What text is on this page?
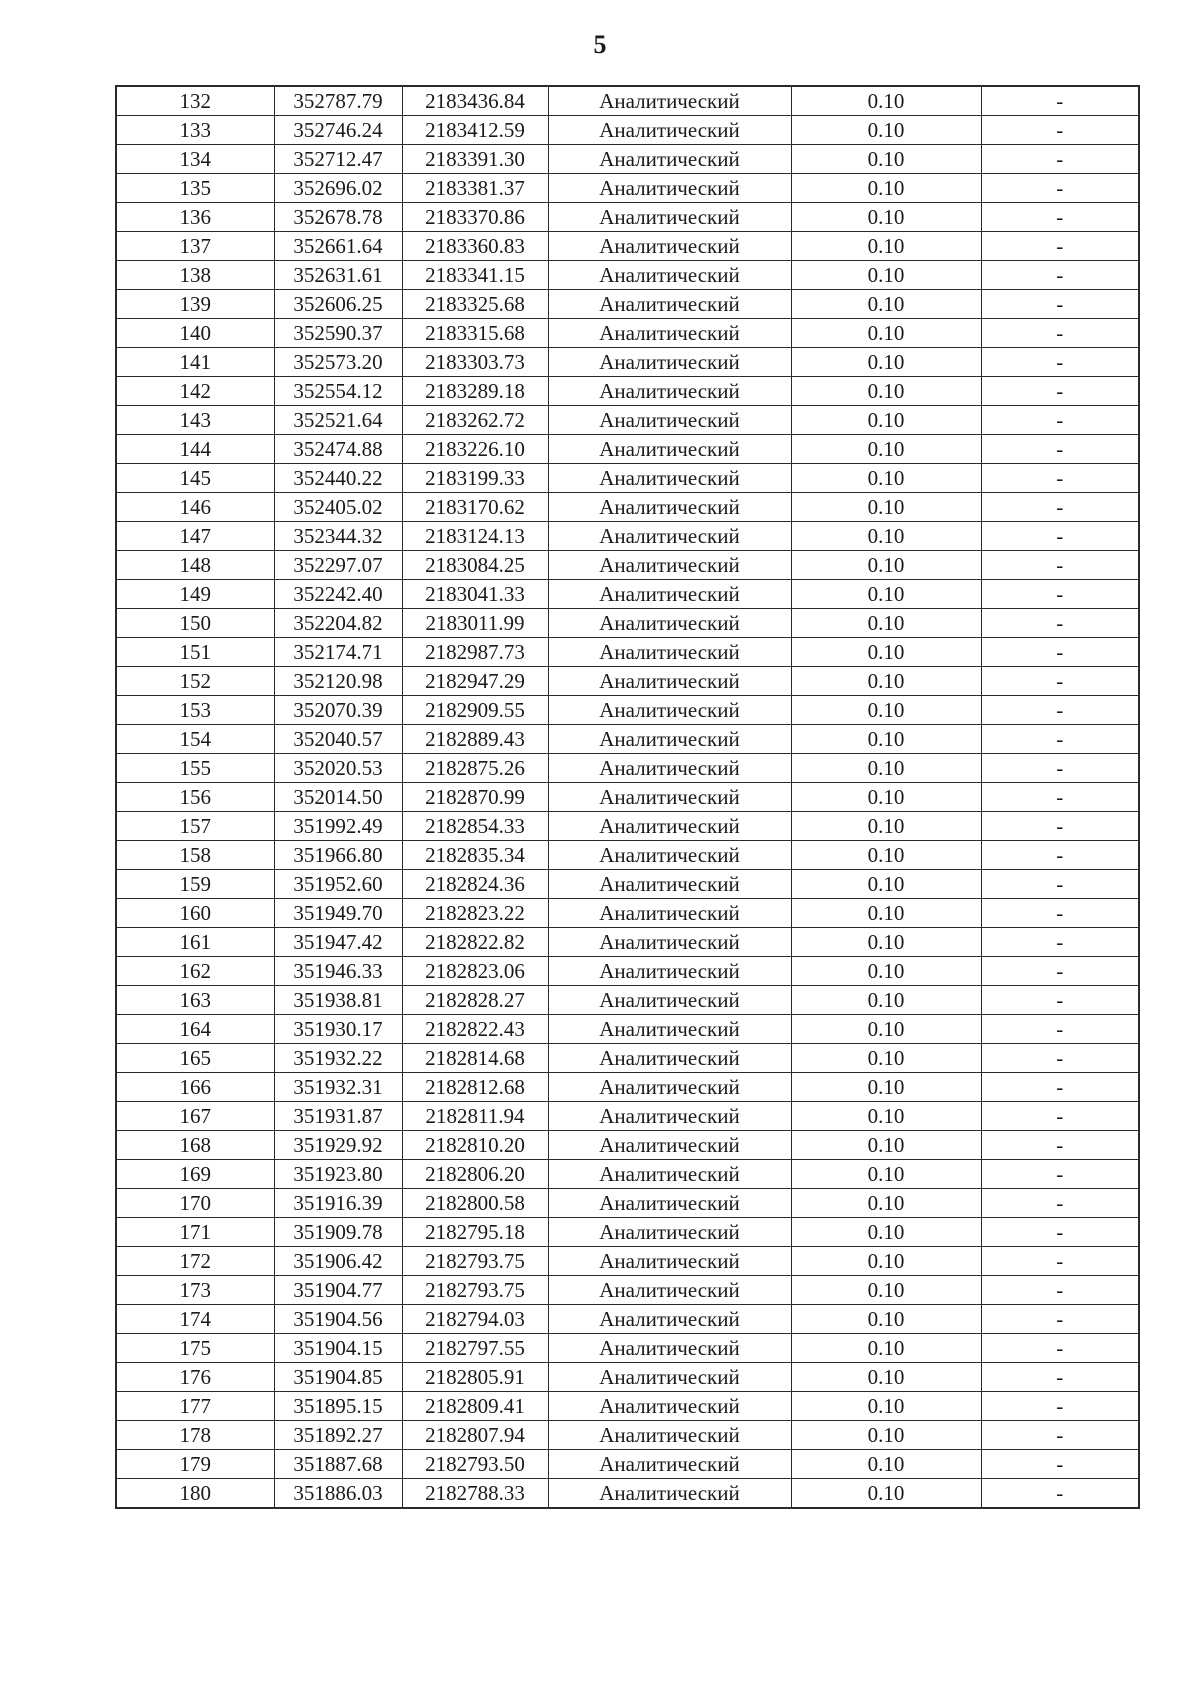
5
132	352787.79	2183436.84	Аналитический	0.10	-
133	352746.24	2183412.59	Аналитический	0.10	-
134	352712.47	2183391.30	Аналитический	0.10	-
135	352696.02	2183381.37	Аналитический	0.10	-
136	352678.78	2183370.86	Аналитический	0.10	-
137	352661.64	2183360.83	Аналитический	0.10	-
138	352631.61	2183341.15	Аналитический	0.10	-
139	352606.25	2183325.68	Аналитический	0.10	-
140	352590.37	2183315.68	Аналитический	0.10	-
141	352573.20	2183303.73	Аналитический	0.10	-
142	352554.12	2183289.18	Аналитический	0.10	-
143	352521.64	2183262.72	Аналитический	0.10	-
144	352474.88	2183226.10	Аналитический	0.10	-
145	352440.22	2183199.33	Аналитический	0.10	-
146	352405.02	2183170.62	Аналитический	0.10	-
147	352344.32	2183124.13	Аналитический	0.10	-
148	352297.07	2183084.25	Аналитический	0.10	-
149	352242.40	2183041.33	Аналитический	0.10	-
150	352204.82	2183011.99	Аналитический	0.10	-
151	352174.71	2182987.73	Аналитический	0.10	-
152	352120.98	2182947.29	Аналитический	0.10	-
153	352070.39	2182909.55	Аналитический	0.10	-
154	352040.57	2182889.43	Аналитический	0.10	-
155	352020.53	2182875.26	Аналитический	0.10	-
156	352014.50	2182870.99	Аналитический	0.10	-
157	351992.49	2182854.33	Аналитический	0.10	-
158	351966.80	2182835.34	Аналитический	0.10	-
159	351952.60	2182824.36	Аналитический	0.10	-
160	351949.70	2182823.22	Аналитический	0.10	-
161	351947.42	2182822.82	Аналитический	0.10	-
162	351946.33	2182823.06	Аналитический	0.10	-
163	351938.81	2182828.27	Аналитический	0.10	-
164	351930.17	2182822.43	Аналитический	0.10	-
165	351932.22	2182814.68	Аналитический	0.10	-
166	351932.31	2182812.68	Аналитический	0.10	-
167	351931.87	2182811.94	Аналитический	0.10	-
168	351929.92	2182810.20	Аналитический	0.10	-
169	351923.80	2182806.20	Аналитический	0.10	-
170	351916.39	2182800.58	Аналитический	0.10	-
171	351909.78	2182795.18	Аналитический	0.10	-
172	351906.42	2182793.75	Аналитический	0.10	-
173	351904.77	2182793.75	Аналитический	0.10	-
174	351904.56	2182794.03	Аналитический	0.10	-
175	351904.15	2182797.55	Аналитический	0.10	-
176	351904.85	2182805.91	Аналитический	0.10	-
177	351895.15	2182809.41	Аналитический	0.10	-
178	351892.27	2182807.94	Аналитический	0.10	-
179	351887.68	2182793.50	Аналитический	0.10	-
180	351886.03	2182788.33	Аналитический	0.10	-
